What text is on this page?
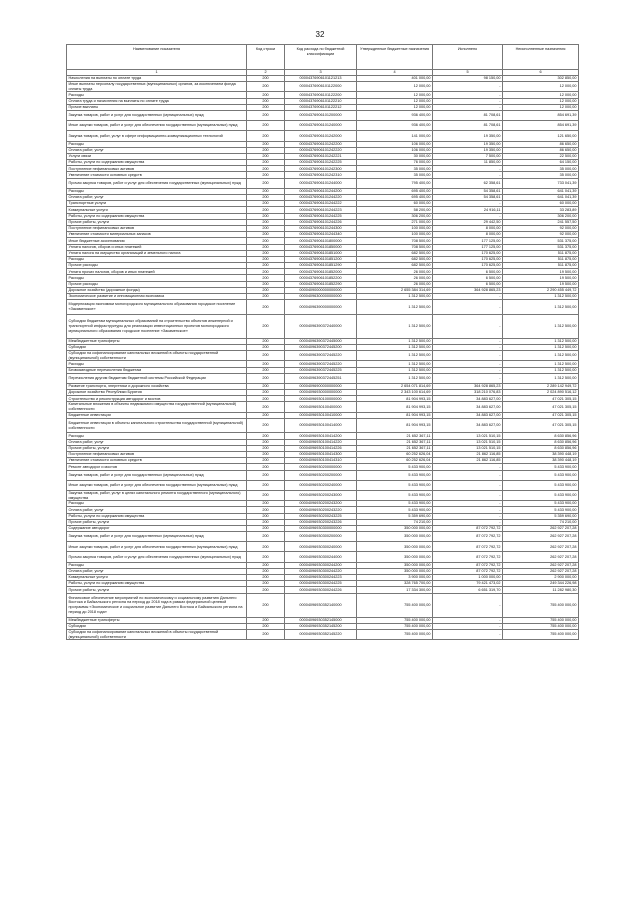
32
Наименование показателя	Код строки	Код расхода по бюджетной классификации	Утвержденные бюджетные назначения	Исполнено	Неисполненные назначения
1	2	3	4	5	6
Начисления на выплаты по оплате труда	200	00004376906101121213	401 000,00	98 150,00	302 850,00
Иные выплаты персоналу государственных (муниципальных) органов, за исключением фонда оплаты труда	200	00004376906101122000	12 000,00	-	12 000,00
Расходы	200	00004376906101122200	12 000,00	-	12 000,00
Оплата труда и начисления на выплаты по оплате труда	200	00004376906101122210	12 000,00	-	12 000,00
Прочие выплаты	200	00004376906101122212	12 000,00	-	12 000,00
Закупка товаров, работ и услуг для государственных (муниципальных) нужд	200	00004376906101200000	936 400,00	81 708,61	854 691,39
Иные закупки товаров, работ и услуг для обеспечения государственных (муниципальных) нужд	200	00004376906101240000	936 400,00	81 708,61	854 691,39
Закупка товаров, работ, услуг в сфере информационно-коммуникационных технологий	200	00004376906101242000	141 000,00	19 350,00	121 650,00
Расходы	200	00004376906101242200	106 000,00	19 350,00	86 650,00
Оплата работ, услуг	200	00004376906101242220	106 000,00	19 350,00	86 650,00
Услуги связи	200	00004376906101242221	30 000,00	7 500,00	22 500,00
Работы, услуги по содержанию имущества	200	00004376906101242225	76 000,00	11 850,00	64 150,00
Поступление нефинансовых активов	200	00004376906101242300	35 000,00	-	35 000,00
Увеличение стоимости основных средств	200	00004376906101242310	35 000,00	-	35 000,00
Прочая закупка товаров, работ и услуг для обеспечения государственных (муниципальных) нужд	200	00004376906101244000	795 400,00	62 358,61	733 041,39
Расходы	200	00004376906101244200	695 400,00	54 358,61	641 041,39
Оплата работ, услуг	200	00004376906101244220	695 400,00	54 358,61	641 041,39
Транспортные услуги	200	00004376906101244222	60 000,00	-	60 000,00
Коммунальные услуги	200	00004376906101244223	58 200,00	24 916,11	33 283,89
Работы, услуги по содержанию имущества	200	00004376906101244225	306 200,00	-	306 200,00
Прочие работы, услуги	200	00004376906101244226	271 000,00	29 442,50	241 557,50
Поступление нефинансовых активов	200	00004376906101244300	100 000,00	8 000,00	92 000,00
Увеличение стоимости материальных запасов	200	00004376906101244340	100 000,00	8 000,00	92 000,00
Иные бюджетные ассигнования	200	00004376906101800000	708 500,00	177 125,00	531 375,00
Уплата налогов, сборов и иных платежей	200	00004376906101850000	708 500,00	177 125,00	531 375,00
Уплата налога на имущество организаций и земельного налога	200	00004376906101851000	682 500,00	170 625,00	511 875,00
Расходы	200	00004376906101851200	682 500,00	170 625,00	511 875,00
Прочие расходы	200	00004376906101851290	682 500,00	170 625,00	511 875,00
Уплата прочих налогов, сборов и иных платежей	200	00004376906101852000	26 000,00	6 500,00	19 500,00
Расходы	200	00004376906101852200	26 000,00	6 500,00	19 500,00
Прочие расходы	200	00004376906101852290	26 000,00	6 500,00	19 500,00
Дорожное хозяйство (дорожные фонды)	200	00004090000000000000	2 655 384 314,69	364 928 865,23	2 290 455 449,72
Экономическое развитие и инновационная экономика	200	00004096300000000000	1 312 500,00	-	1 312 500,00
Модернизация экономики моногородского муниципального образования городское поселение «Закаменское»	200	00004096390000000000	1 312 500,00	-	1 312 500,00
Субсидии бюджетам муниципальных образований на строительство объектов инженерной и транспортной инфраструктуры для реализации инвестиционных проектов моногородского муниципального образования городское поселение «Закаменское»	200	00004096390372440000	1 312 500,00	-	1 312 500,00
Межбюджетные трансферты	200	00004096390372445000	1 312 500,00	-	1 312 500,00
Субсидии	200	00004096390372445200	1 312 500,00	-	1 312 500,00
Субсидии на софинансирование капитальных вложений в объекты государственной (муниципальной) собственности	200	00004096390372445220	1 312 500,00	-	1 312 500,00
Расходы	200	00004096390372445220	1 312 500,00	-	1 312 500,00
Безвозмездные перечисления бюджетам	200	00004096390372445225	1 312 500,00	-	1 312 500,00
Перечисления другим бюджетам бюджетной системы Российской Федерации	200	00004096390372445251	1 312 500,00	-	1 312 500,00
Развитие транспорта, энергетики и дорожного хозяйства	200	00004096900000000000	2 654 071 814,69	364 928 865,23	2 289 142 949,72
Дорожное хозяйство Республики Бурятия	200	00004096930000000000	2 343 100 614,69	318 210 076,83	2 024 890 516,12
Строительство и реконструкция автодорог и мостов	200	00004096930100000000	81 904 993,15	34 883 627,00	47 021 305,15
Капитальные вложения в объекты недвижимого имущества государственной (муниципальной) собственности	200	00004096930100400000	81 904 993,15	34 883 627,00	47 021 305,15
Бюджетные инвестиции	200	00004096930100410000	81 904 993,15	34 883 627,00	47 021 305,15
Бюджетные инвестиции в объекты капитального строительства государственной (муниципальной) собственности	200	00004096930100414000	81 904 993,15	34 883 627,00	47 021 305,15
Расходы	200	00004096930100414200	21 652 367,11	13 021 510,15	8 630 856,96
Оплата работ, услуг	200	00004096930100414220	21 652 367,11	13 021 510,15	8 630 856,96
Прочие работы, услуги	200	00004096930100414226	21 652 367,11	13 021 510,15	8 630 856,96
Поступление нефинансовых активов	200	00004096930100414300	60 252 626,04	21 862 116,85	38 390 448,19
Увеличение стоимости основных средств	200	00004096930100414310	60 252 626,04	21 862 116,85	38 390 448,19
Ремонт автодорог и мостов	200	00004096930200000000	5 433 900,00	-	5 433 900,00
Закупка товаров, работ и услуг для государственных (муниципальных) нужд	200	00004096930200200000	5 433 900,00	-	5 433 900,00
Иные закупки товаров, работ и услуг для обеспечения государственных (муниципальных) нужд	200	00004096930200240000	5 433 900,00	-	5 433 900,00
Закупка товаров, работ, услуг в целях капитального ремонта государственного (муниципального) имущества	200	00004096930200243000	5 433 900,00	-	5 433 900,00
Расходы	200	00004096930200243200	5 433 900,00	-	5 433 900,00
Оплата работ, услуг	200	00004096930200243220	5 433 900,00	-	5 433 900,00
Работы, услуги по содержанию имущества	200	00004096930200243225	5 359 690,00	-	5 359 690,00
Прочие работы, услуги	200	00004096930200243226	74 210,00	-	74 210,00
Содержание автодорог	200	00004096930300000000	350 000 000,00	87 072 792,72	262 927 207,28
Закупка товаров, работ и услуг для государственных (муниципальных) нужд	200	00004096930300200000	350 000 000,00	87 072 792,72	262 927 207,28
Иные закупки товаров, работ и услуг для обеспечения государственных (муниципальных) нужд	200	00004096930300240000	350 000 000,00	87 072 792,72	262 927 207,28
Прочая закупка товаров, работ и услуг для обеспечения государственных (муниципальных) нужд	200	00004096930300244000	350 000 000,00	87 072 792,72	262 927 207,28
Расходы	200	00004096930300244200	350 000 000,00	87 072 792,72	262 927 207,28
Оплата работ, услуг	200	00004096930300244220	350 000 000,00	87 072 792,72	262 927 207,28
Коммунальные услуги	200	00004096930300244223	3 900 000,00	1 000 000,00	2 900 000,00
Работы, услуги по содержанию имущества	200	00004096930300244225	328 765 700,00	79 421 473,02	249 344 226,98
Прочие работы, услуги	200	00004096930300244226	17 334 300,00	6 651 319,70	11 282 980,30
Финансовое обеспечение мероприятий по экономическому и социальному развитию Дальнего Востока и Байкальского региона на период до 2018 года в рамках федеральной целевой программы «Экономическое и социальное развитие Дальнего Востока и Байкальского региона на период до 2018 года»	200	00004096930352140000	755 400 000,00	-	755 400 000,00
Межбюджетные трансферты	200	00004096930352145000	755 400 000,00	-	755 400 000,00
Субсидии	200	00004096930352145200	755 400 000,00	-	755 400 000,00
Субсидии на софинансирование капитальных вложений в объекты государственной (муниципальной) собственности	200	00004096930352145220	755 400 000,00	-	755 400 000,00
